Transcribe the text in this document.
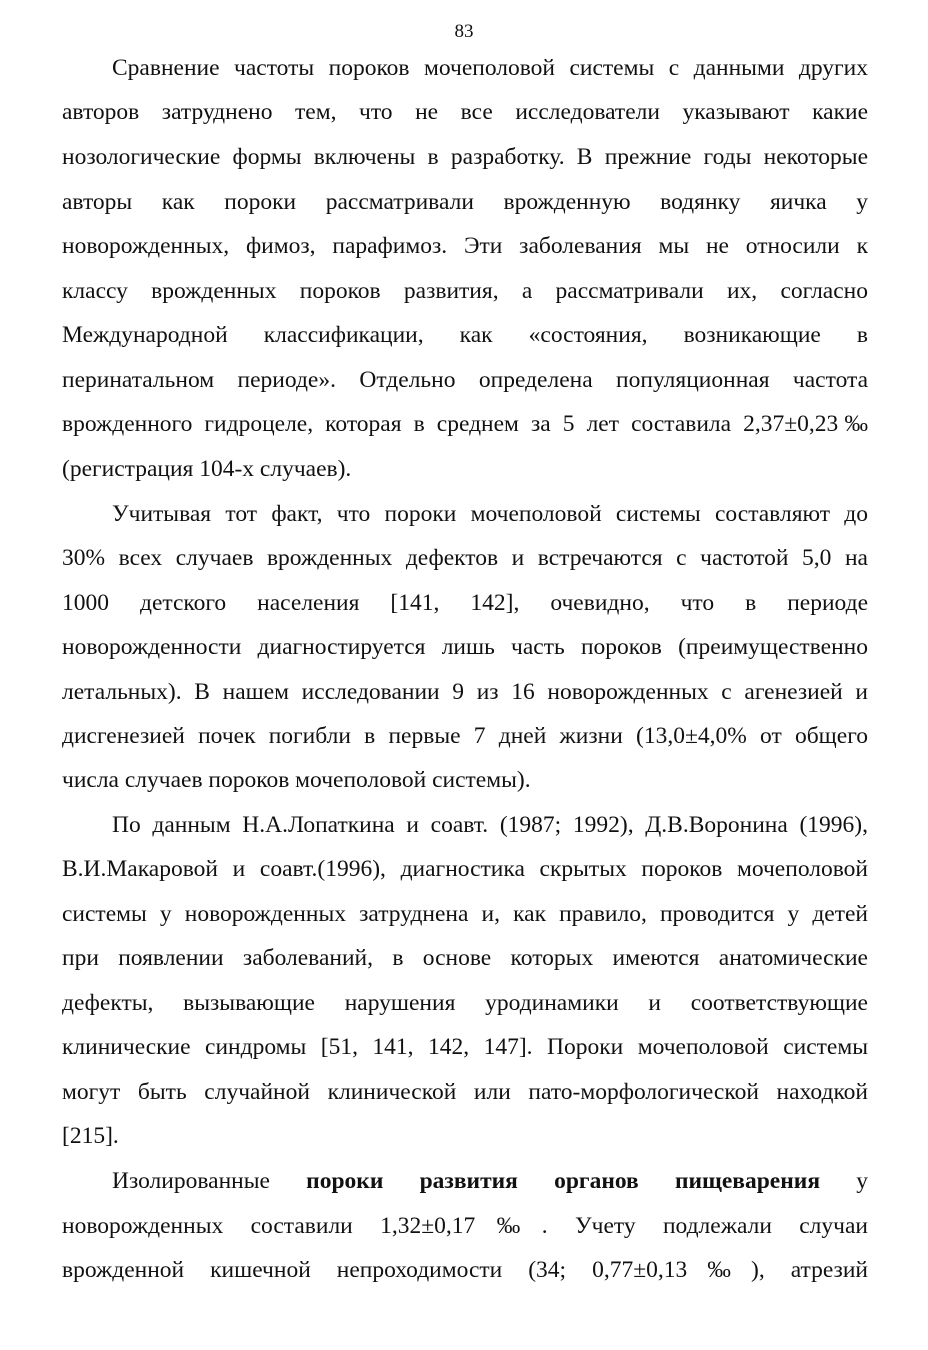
83
Сравнение частоты пороков мочеполовой системы с данными других
авторов затруднено тем, что не все исследователи указывают какие
нозологические формы включены в разработку. В прежние годы некоторые
авторы как пороки рассматривали врожденную водянку яичка у
новорожденных, фимоз, парафимоз. Эти заболевания мы не относили к
классу врожденных пороков развития, а рассматривали их, согласно
Международной классификации, как «состояния, возникающие в
перинатальном периоде». Отдельно определена популяционная частота
врожденного гидроцеле, которая в среднем за 5 лет составила 2,37±0,23‰
(регистрация 104-х случаев).
Учитывая тот факт, что пороки мочеполовой системы составляют до
30% всех случаев врожденных дефектов и встречаются с частотой 5,0 на
1000 детского населения [141, 142], очевидно, что в периоде
новорожденности диагностируется лишь часть пороков (преимущественно
летальных). В нашем исследовании 9 из 16 новорожденных с агенезией и
дисгенезией почек погибли в первые 7 дней жизни (13,0±4,0% от общего
числа случаев пороков мочеполовой системы).
По данным Н.А.Лопаткина и соавт. (1987; 1992), Д.В.Воронина (1996),
В.И.Макаровой и соавт.(1996), диагностика скрытых пороков мочеполовой
системы у новорожденных затруднена и, как правило, проводится у детей
при появлении заболеваний, в основе которых имеются анатомические
дефекты, вызывающие нарушения уродинамики и соответствующие
клинические синдромы [51, 141, 142, 147]. Пороки мочеполовой системы
могут быть случайной клинической или пато-морфологической находкой
[215].
Изолированные пороки развития органов пищеварения у
новорожденных составили 1,32±0,17‰. Учету подлежали случаи
врожденной кишечной непроходимости (34; 0,77±0,13‰), атрезий
